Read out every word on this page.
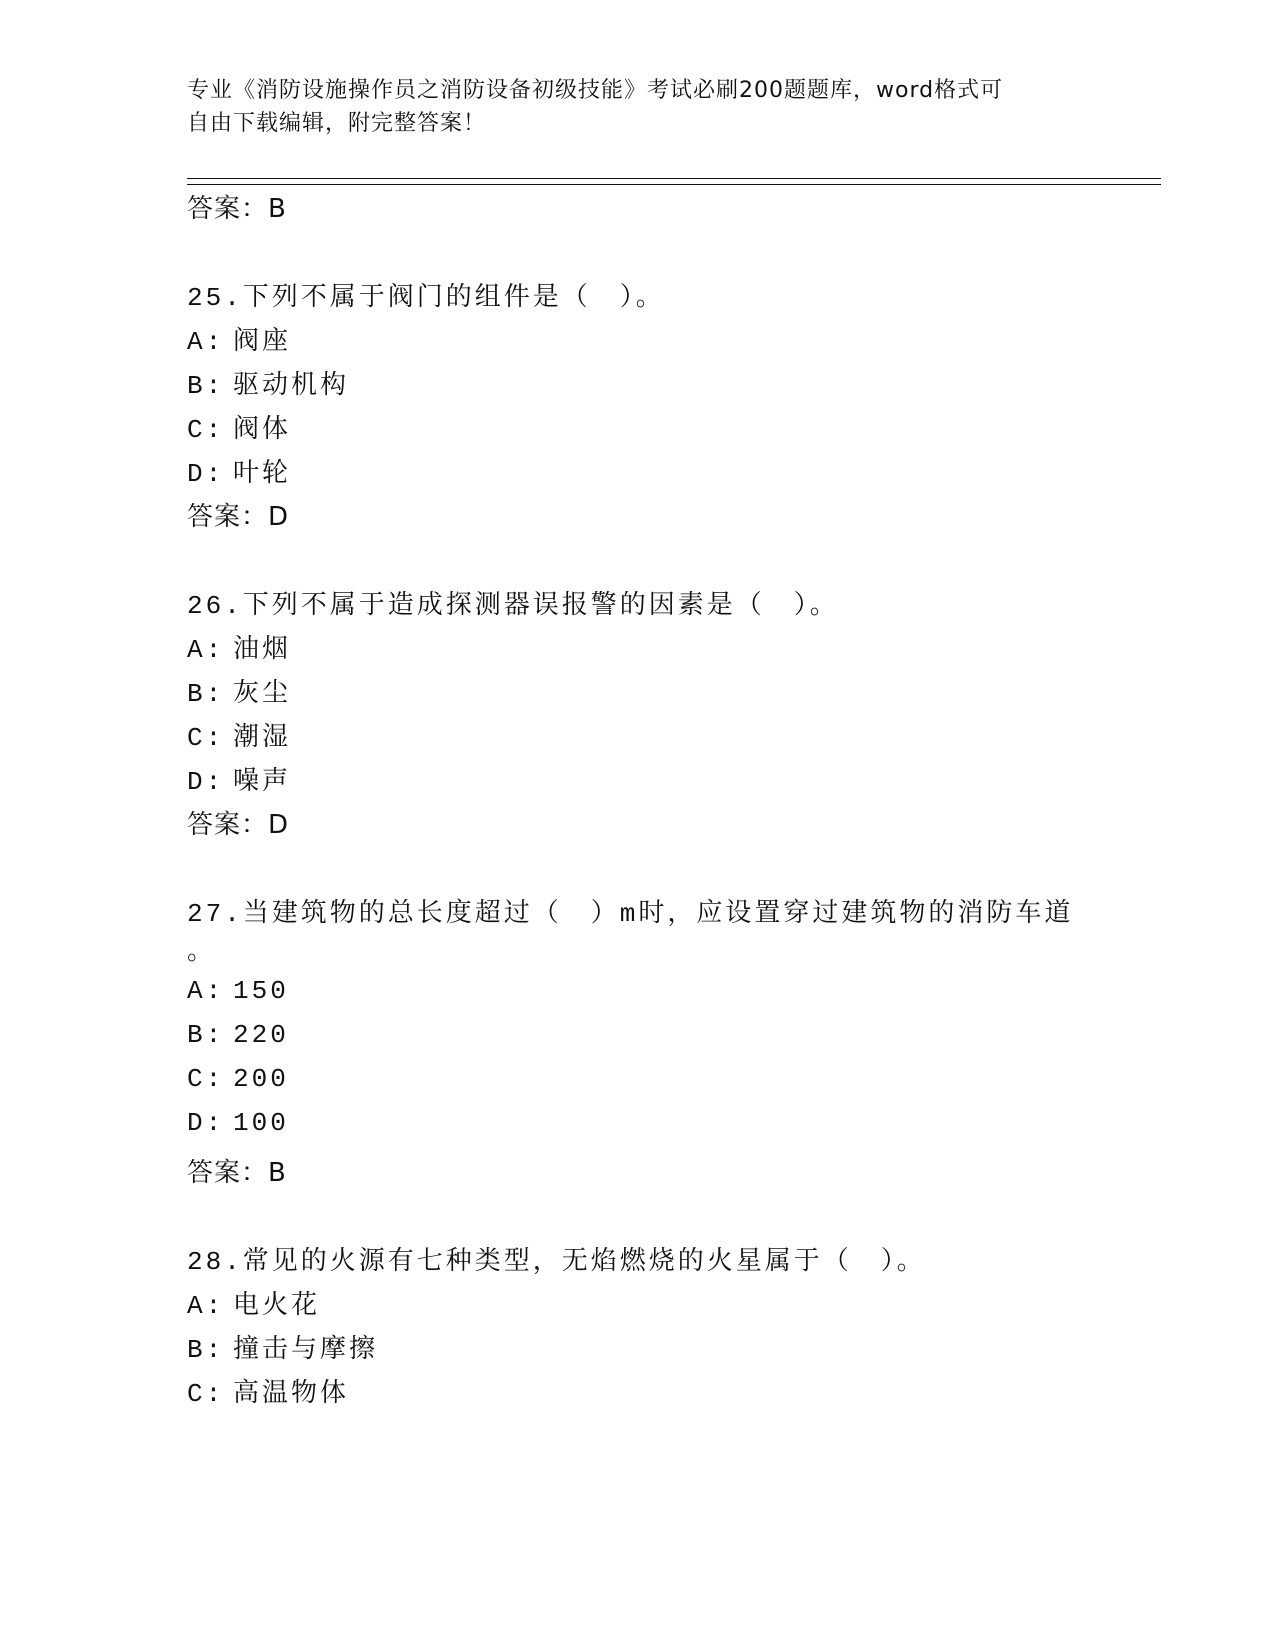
专业《消防设施操作员之消防设备初级技能》考试必刷200题题库，word格式可
自由下载编辑，附完整答案！
答案：B
25.下列不属于阀门的组件是（　）。
A: 阀座
B: 驱动机构
C: 阀体
D: 叶轮
答案：D
26.下列不属于造成探测器误报警的因素是（　）。
A: 油烟
B: 灰尘
C: 潮湿
D: 噪声
答案：D
27.当建筑物的总长度超过（　）m时，应设置穿过建筑物的消防车道
。
A: 150
B: 220
C: 200
D: 100
答案：B
28.常见的火源有七种类型，无焰燃烧的火星属于（　）。
A: 电火花
B: 撞击与摩擦
C: 高温物体
